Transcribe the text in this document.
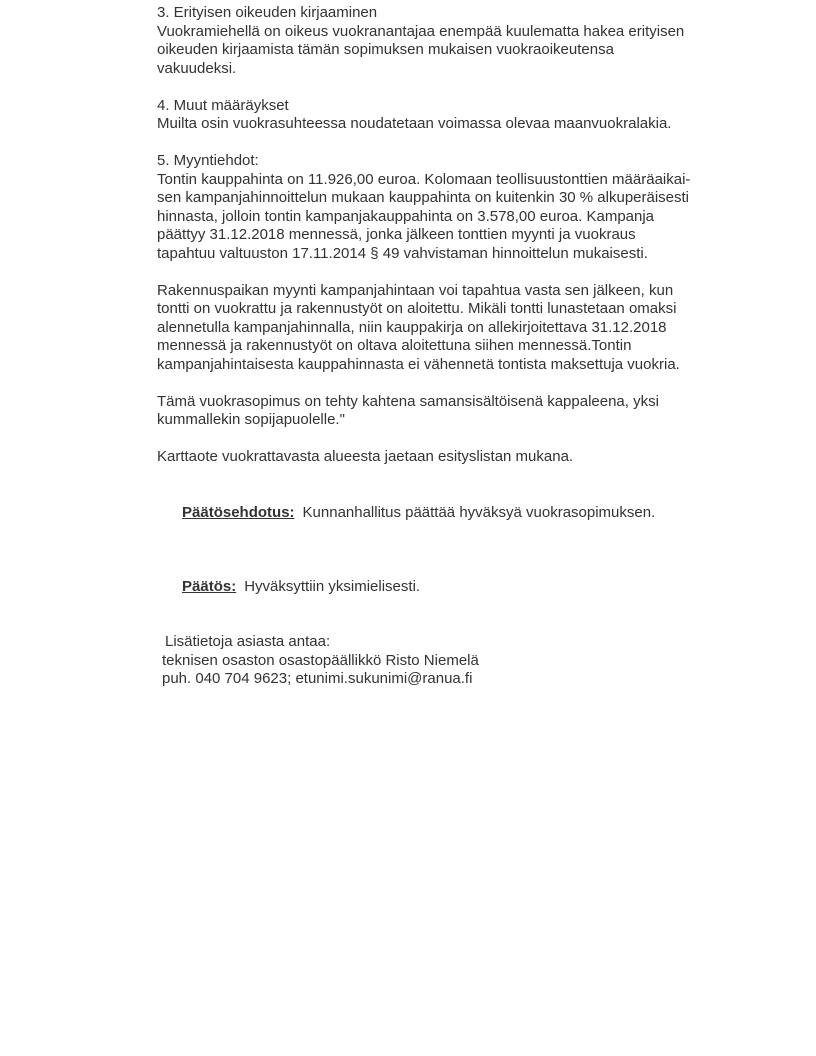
3. Erityisen oikeuden kirjaaminen
Vuokramiehellä on oikeus vuokranantajaa enempää kuulematta hakea erityisen
oikeuden kirjaamista tämän sopimuksen mukaisen vuokraoikeutensa
vakuudeksi.
4. Muut määräykset
Muilta osin vuokrasuhteessa noudatetaan voimassa olevaa maanvuokralakia.
5. Myyntiehdot:
Tontin kauppahinta on 11.926,00 euroa. Kolomaan teollisuustonttien määräaikai-
sen kampanjahinnoittelun mukaan kauppahinta on kuitenkin 30 % alkuperäisesti
hinnasta, jolloin tontin kampanjakauppahinta on 3.578,00 euroa. Kampanja
päättyy 31.12.2018 mennessä, jonka jälkeen tonttien myynti ja vuokraus
tapahtuu valtuuston 17.11.2014 § 49 vahvistaman hinnoittelun mukaisesti.
Rakennuspaikan myynti kampanjahintaan voi tapahtua vasta sen jälkeen, kun
tontti on vuokrattu ja rakennustyöt on aloitettu. Mikäli tontti lunastetaan omaksi
alennetulla kampanjahinnalla, niin kauppakirja on allekirjoitettava 31.12.2018
mennessä ja rakennustyöt on oltava aloitettuna siihen mennessä.Tontin
kampanjahintaisesta kauppahinnasta ei vähennetä tontista maksettuja vuokria.
Tämä vuokrasopimus on tehty kahtena samansisältöisenä kappaleena, yksi
kummallekin sopijapuolelle."
Karttaote vuokrattavasta alueesta jaetaan esityslistan mukana.

Päätösehdotus: Kunnanhallitus päättää hyväksyä vuokrasopimuksen.

Päätös: Hyväksyttiin yksimielisesti.

Lisätietoja asiasta antaa:
teknisen osaston osastopäällikkö Risto Niemelä
puh. 040 704 9623; etunimi.sukunimi@ranua.fi
